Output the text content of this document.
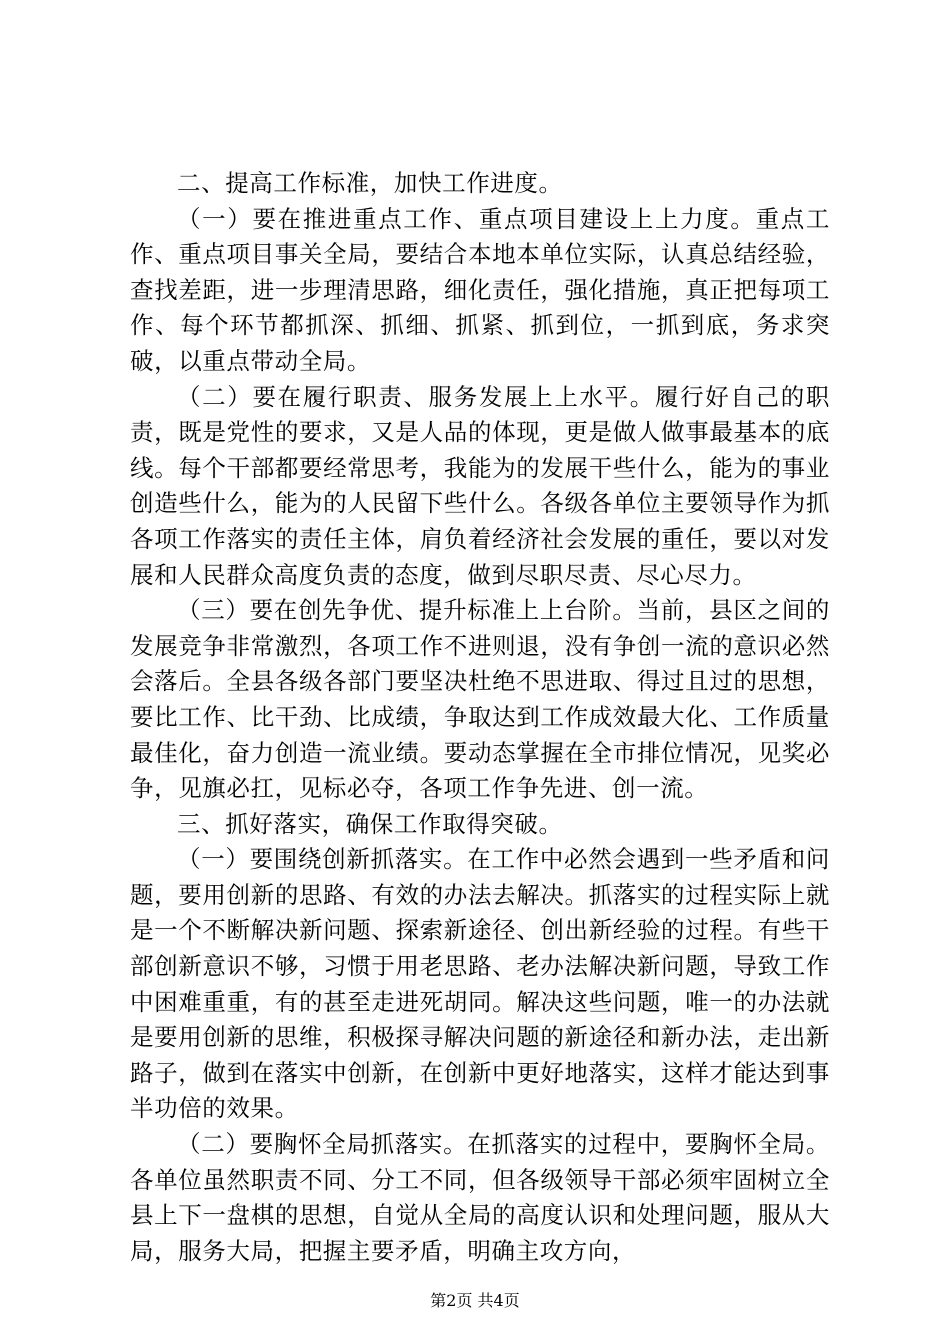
二、提高工作标准，加快工作进度。

（一）要在推进重点工作、重点项目建设上上力度。重点工作、重点项目事关全局，要结合本地本单位实际，认真总结经验，查找差距，进一步理清思路，细化责任，强化措施，真正把每项工作、每个环节都抓深、抓细、抓紧、抓到位，一抓到底，务求突破，以重点带动全局。

（二）要在履行职责、服务发展上上水平。履行好自己的职责，既是党性的要求，又是人品的体现，更是做人做事最基本的底线。每个干部都要经常思考，我能为的发展干些什么，能为的事业创造些什么，能为的人民留下些什么。各级各单位主要领导作为抓各项工作落实的责任主体，肩负着经济社会发展的重任，要以对发展和人民群众高度负责的态度，做到尽职尽责、尽心尽力。

（三）要在创先争优、提升标准上上台阶。当前，县区之间的发展竞争非常激烈，各项工作不进则退，没有争创一流的意识必然会落后。全县各级各部门要坚决杜绝不思进取、得过且过的思想，要比工作、比干劲、比成绩，争取达到工作成效最大化、工作质量最佳化，奋力创造一流业绩。要动态掌握在全市排位情况，见奖必争，见旗必扛，见标必夺，各项工作争先进、创一流。

三、抓好落实，确保工作取得突破。

（一）要围绕创新抓落实。在工作中必然会遇到一些矛盾和问题，要用创新的思路、有效的办法去解决。抓落实的过程实际上就是一个不断解决新问题、探索新途径、创出新经验的过程。有些干部创新意识不够，习惯于用老思路、老办法解决新问题，导致工作中困难重重，有的甚至走进死胡同。解决这些问题，唯一的办法就是要用创新的思维，积极探寻解决问题的新途径和新办法，走出新路子，做到在落实中创新，在创新中更好地落实，这样才能达到事半功倍的效果。

（二）要胸怀全局抓落实。在抓落实的过程中，要胸怀全局。各单位虽然职责不同、分工不同，但各级领导干部必须牢固树立全县上下一盘棋的思想，自觉从全局的高度认识和处理问题，服从大局，服务大局，把握主要矛盾，明确主攻方向，

第2页 共4页
